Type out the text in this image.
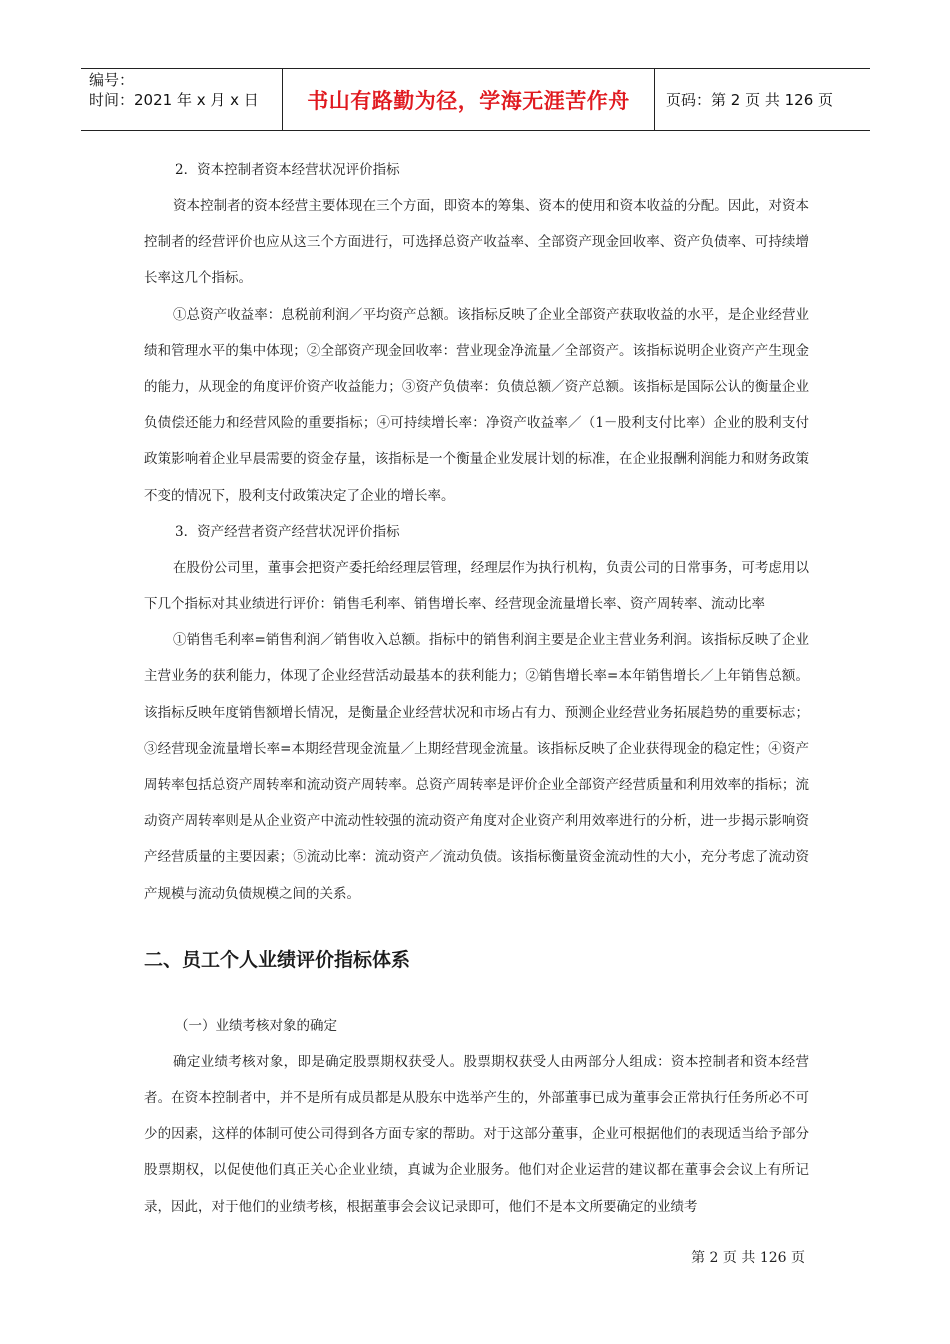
编号：
时间：2021 年 x 月 x 日	书山有路勤为径，学海无涯苦作舟	页码：第 2 页 共 126 页

2．资本控制者资本经营状况评价指标

资本控制者的资本经营主要体现在三个方面，即资本的筹集、资本的使用和资本收益的分配。因此，对资本控制者的经营评价也应从这三个方面进行，可选择总资产收益率、全部资产现金回收率、资产负债率、可持续增长率这几个指标。

①总资产收益率：息税前利润／平均资产总额。该指标反映了企业全部资产获取收益的水平，是企业经营业绩和管理水平的集中体现；②全部资产现金回收率：营业现金净流量／全部资产。该指标说明企业资产产生现金的能力，从现金的角度评价资产收益能力；③资产负债率：负债总额／资产总额。该指标是国际公认的衡量企业负债偿还能力和经营风险的重要指标；④可持续增长率：净资产收益率／（1－股利支付比率）企业的股利支付政策影响着企业早晨需要的资金存量，该指标是一个衡量企业发展计划的标准，在企业报酬利润能力和财务政策不变的情况下，股利支付政策决定了企业的增长率。

3．资产经营者资产经营状况评价指标

在股份公司里，董事会把资产委托给经理层管理，经理层作为执行机构，负责公司的日常事务，可考虑用以下几个指标对其业绩进行评价：销售毛利率、销售增长率、经营现金流量增长率、资产周转率、流动比率

①销售毛利率=销售利润／销售收入总额。指标中的销售利润主要是企业主营业务利润。该指标反映了企业主营业务的获利能力，体现了企业经营活动最基本的获利能力；②销售增长率=本年销售增长／上年销售总额。该指标反映年度销售额增长情况，是衡量企业经营状况和市场占有力、预测企业经营业务拓展趋势的重要标志；③经营现金流量增长率=本期经营现金流量／上期经营现金流量。该指标反映了企业获得现金的稳定性；④资产周转率包括总资产周转率和流动资产周转率。总资产周转率是评价企业全部资产经营质量和利用效率的指标；流动资产周转率则是从企业资产中流动性较强的流动资产角度对企业资产利用效率进行的分析，进一步揭示影响资产经营质量的主要因素；⑤流动比率：流动资产／流动负债。该指标衡量资金流动性的大小，充分考虑了流动资产规模与流动负债规模之间的关系。

二、员工个人业绩评价指标体系

（一）业绩考核对象的确定

确定业绩考核对象，即是确定股票期权获受人。股票期权获受人由两部分人组成：资本控制者和资本经营者。在资本控制者中，并不是所有成员都是从股东中选举产生的，外部董事已成为董事会正常执行任务所必不可少的因素，这样的体制可使公司得到各方面专家的帮助。对于这部分董事，企业可根据他们的表现适当给予部分股票期权，以促使他们真正关心企业业绩，真诚为企业服务。他们对企业运营的建议都在董事会会议上有所记录，因此，对于他们的业绩考核，根据董事会会议记录即可，他们不是本文所要确定的业绩考

第 2 页 共 126 页
